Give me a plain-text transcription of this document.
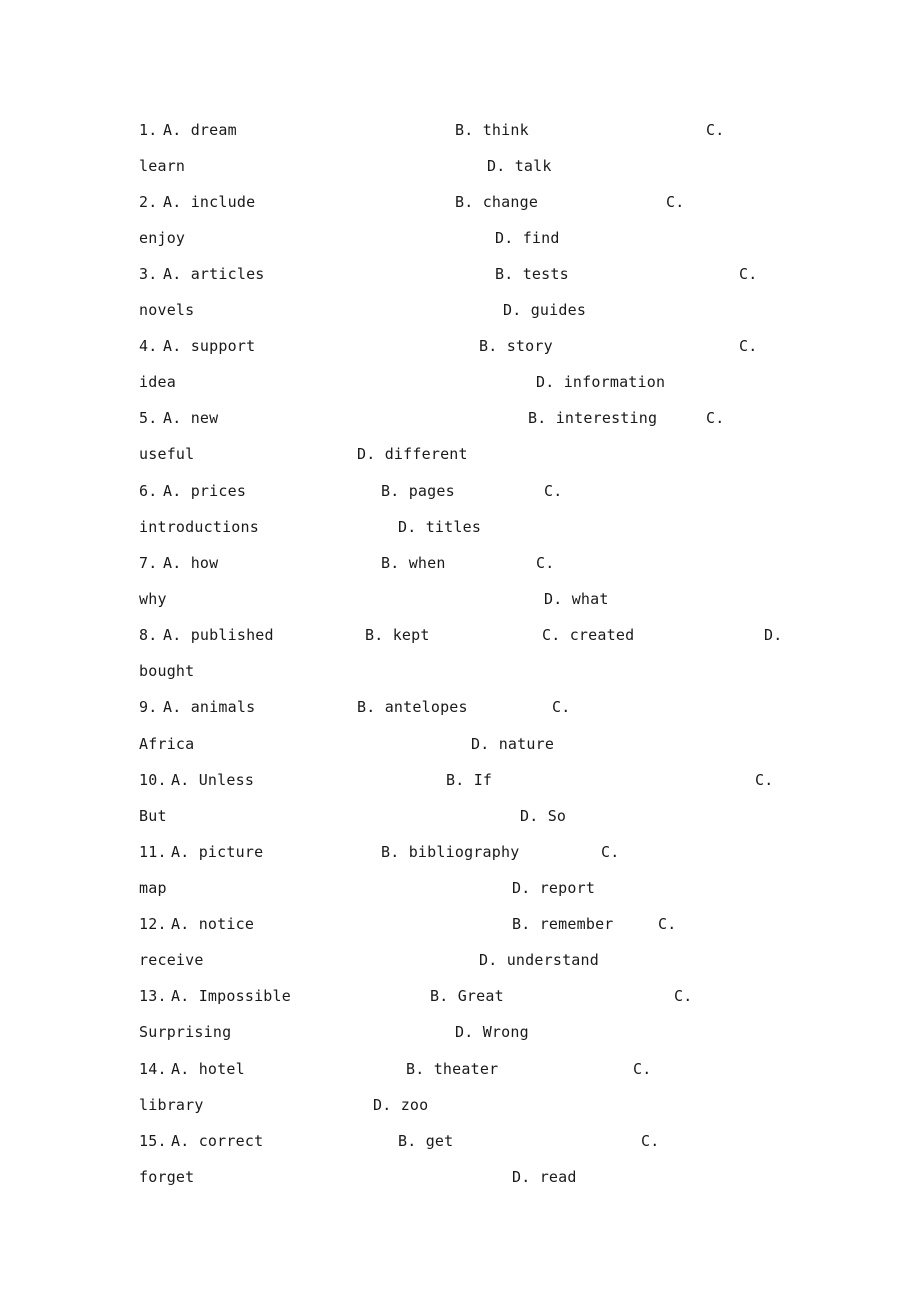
1. A. dream	B. think	C.
learn	D. talk
2. A. include	B. change	C.
enjoy	D. find
3. A. articles	B. tests	C.
novels	D. guides
4. A. support	B. story	C.
idea	D. information
5. A. new	B. interesting	C.
useful	D. different
6. A. prices	B. pages	C.
introductions	D. titles
7. A. how	B. when	C.
why	D. what
8. A. published	B. kept	C. created	D.
bought
9. A. animals	B. antelopes	C.
Africa	D. nature
10. A. Unless	B. If	C.
But	D. So
11. A. picture	B. bibliography	C.
map	D. report
12. A. notice	B. remember	C.
receive	D. understand
13. A. Impossible	B. Great	C.
Surprising	D. Wrong
14. A. hotel	B. theater	C.
library	D. zoo
15. A. correct	B. get	C.
forget	D. read
